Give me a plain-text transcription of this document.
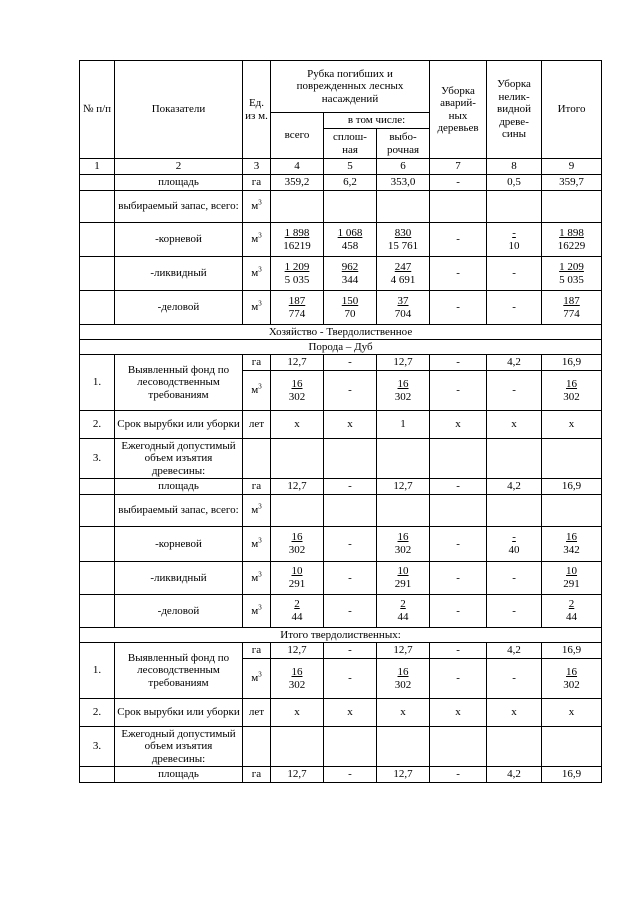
№ п/п	Показатели	Ед. из м.	Рубка погибших и поврежденных лесных насаждений			Уборка аварий- ных деревьев	Уборка нелик- видной древе- сины	Итого
			всего	в том числе:				
				сплош- ная	выбо- рочная			
1	2	3	4	5	6	7	8	9
	площадь	га	359,2	6,2	353,0	-	0,5	359,7
	выбираемый запас, всего:	$м^3$						
	-корневой	$м^3$	$\frac{1 898}{16219}$	$\frac{1 068}{458}$	$\frac{830}{15 761}$	-	$\frac{-}{10}$	$\frac{1 898}{16229}$

	-ликвидный	$м^3$	$\frac{1 209}{5 035}$	$\frac{962}{344}$	$\frac{247}{4 691}$	-	-	$\frac{1 209}{5 035}$

	-деловой	$м^3$	$\frac{187}{774}$	$\frac{150}{70}$	$\frac{37}{704}$	-	-	$\frac{187}{774}$

Хозяйство - Твердолиственное								
Порода – Дуб								
1.	Выявленный фонд по лесоводственным требованиям	га	12,7	-	12,7	-	4,2	16,9
		$м^3$	$\frac{16}{302}$	-	$\frac{16}{302}$	-	-	$\frac{16}{302}$

2.	Срок вырубки или уборки	лет	х	х	1	х	х	х
3.	Ежегодный допустимый объем изъятия древесины:							
	площадь	га	12,7	-	12,7	-	4,2	16,9
	выбираемый запас, всего:	$м^3$						
	-корневой	$м^3$	$\frac{16}{302}$	-	$\frac{16}{302}$	-	$\frac{-}{40}$	$\frac{16}{342}$

	-ликвидный	$м^3$	$\frac{10}{291}$	-	$\frac{10}{291}$	-	-	$\frac{10}{291}$

	-деловой	$м^3$	$\frac{2}{44}$	-	$\frac{2}{44}$	-	-	$\frac{2}{44}$

Итого твердолиственных:								
1.	Выявленный фонд по лесоводственным требованиям	га	12,7	-	12,7	-	4,2	16,9
		$м^3$	$\frac{16}{302}$	-	$\frac{16}{302}$	-	-	$\frac{16}{302}$

2.	Срок вырубки или уборки	лет	х	х	х	х	х	х
3.	Ежегодный допустимый объем изъятия древесины:							
	площадь	га	12,7	-	12,7	-	4,2	16,9
